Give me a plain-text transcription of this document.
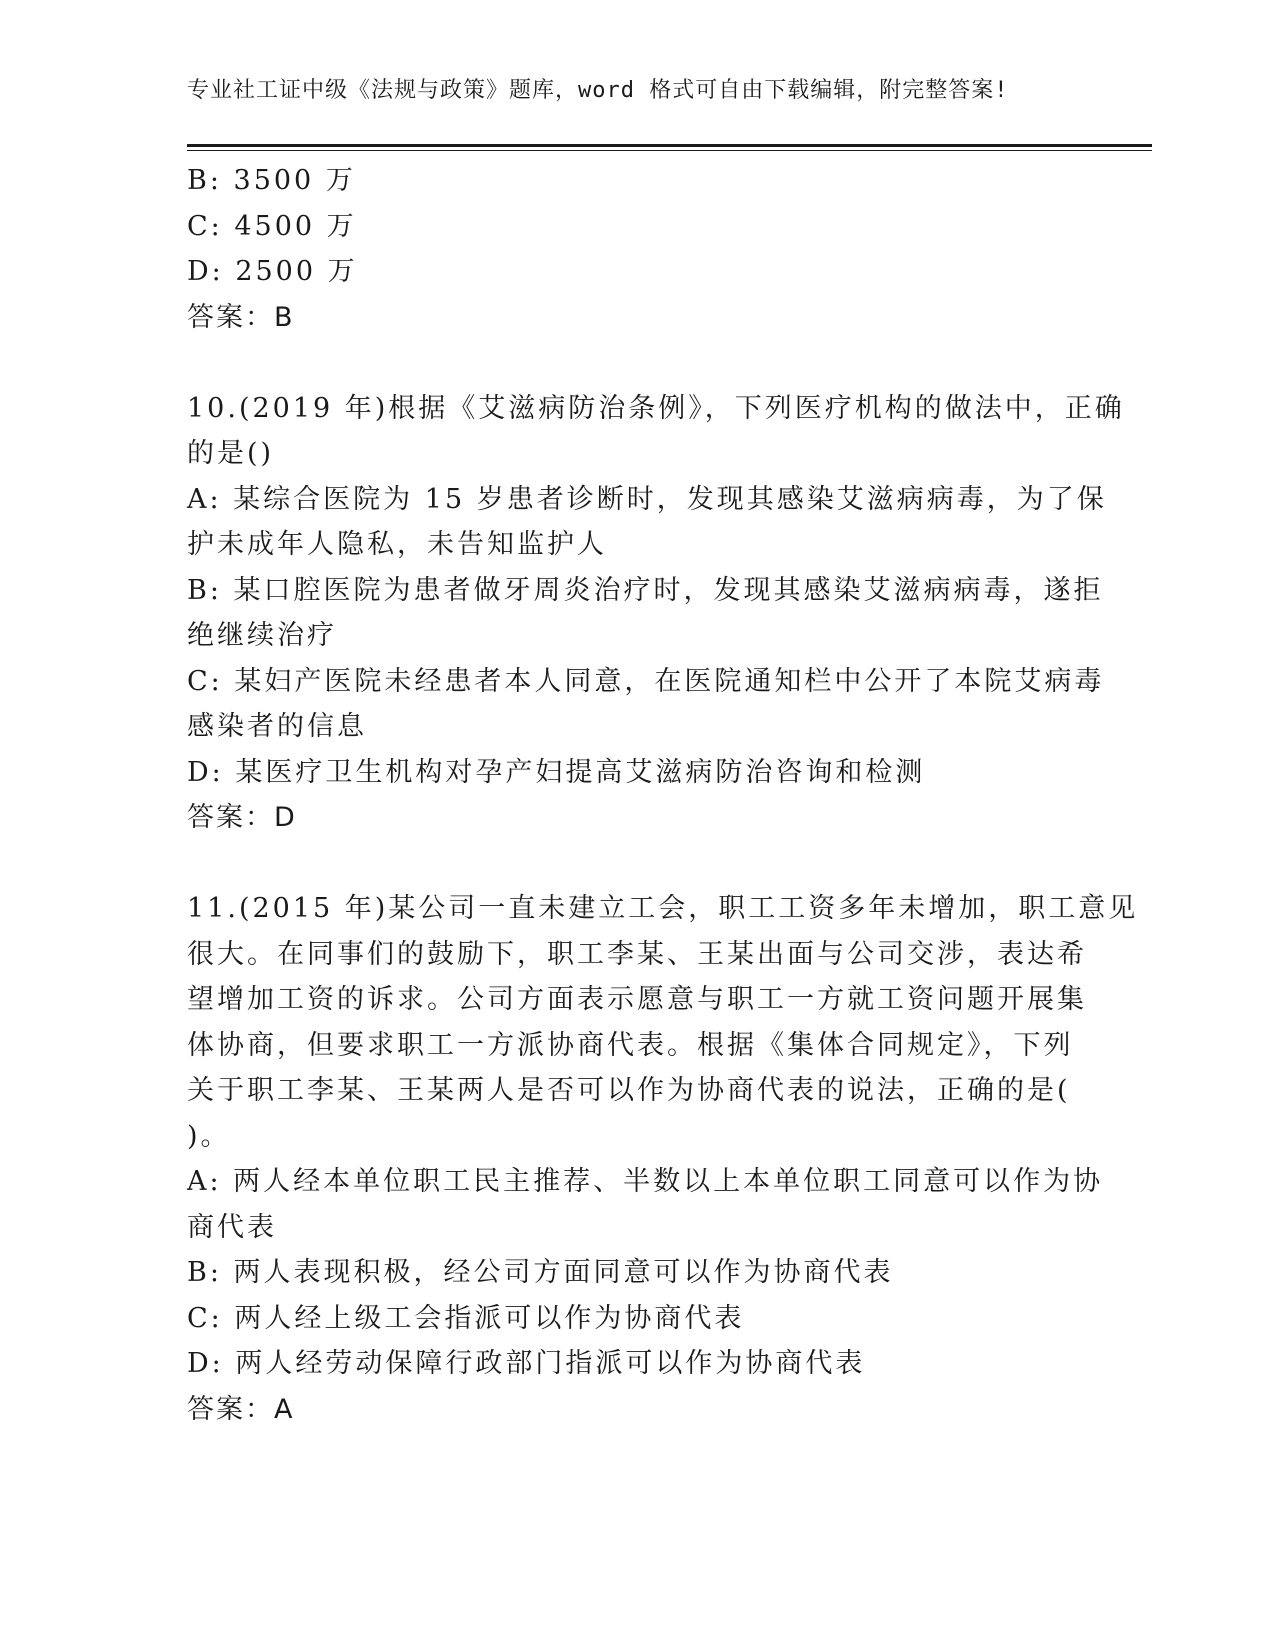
专业社工证中级《法规与政策》题库，word 格式可自由下载编辑，附完整答案!

B: 3500 万

C: 4500 万

D: 2500 万

答案：B

10.(2019 年)根据《艾滋病防治条例》，下列医疗机构的做法中，正确

的是()

A: 某综合医院为 15 岁患者诊断时，发现其感染艾滋病病毒，为了保

护未成年人隐私，未告知监护人

B: 某口腔医院为患者做牙周炎治疗时，发现其感染艾滋病病毒，遂拒

绝继续治疗

C: 某妇产医院未经患者本人同意，在医院通知栏中公开了本院艾病毒

感染者的信息

D: 某医疗卫生机构对孕产妇提高艾滋病防治咨询和检测

答案：D

11.(2015 年)某公司一直未建立工会，职工工资多年未增加，职工意见

很大。在同事们的鼓励下，职工李某、王某出面与公司交涉，表达希

望增加工资的诉求。公司方面表示愿意与职工一方就工资问题开展集

体协商，但要求职工一方派协商代表。根据《集体合同规定》，下列

关于职工李某、王某两人是否可以作为协商代表的说法，正确的是(

)。

A: 两人经本单位职工民主推荐、半数以上本单位职工同意可以作为协

商代表

B: 两人表现积极，经公司方面同意可以作为协商代表

C: 两人经上级工会指派可以作为协商代表

D: 两人经劳动保障行政部门指派可以作为协商代表

答案：A
